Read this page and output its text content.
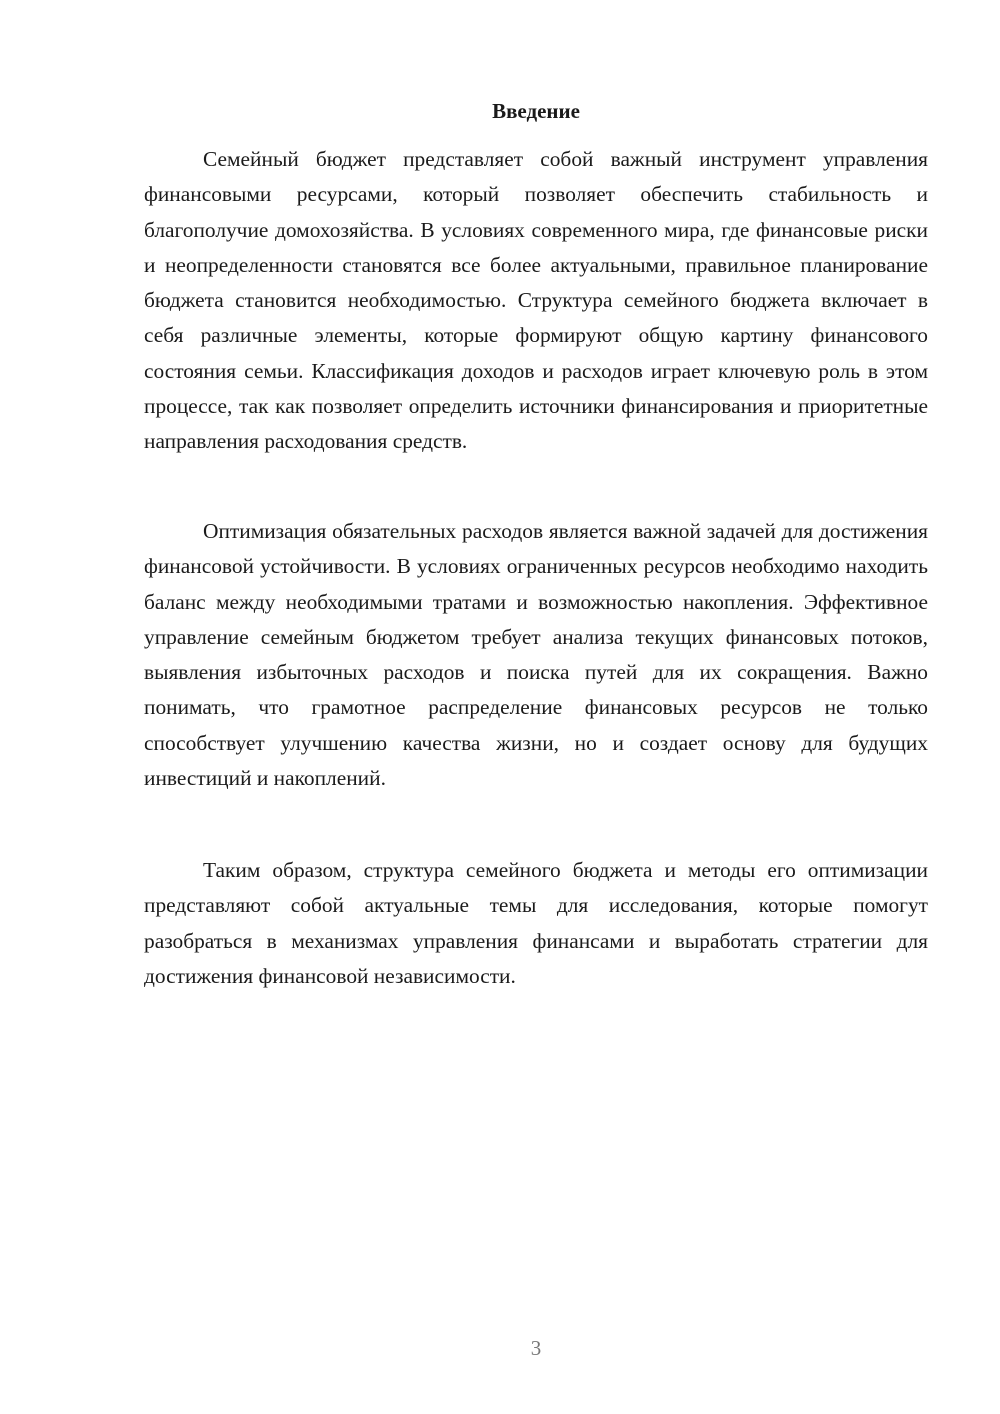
Введение

Семейный бюджет представляет собой важный инструмент управления финансовыми ресурсами, который позволяет обеспечить стабильность и благополучие домохозяйства. В условиях современного мира, где финансовые риски и неопределенности становятся все более актуальными, правильное планирование бюджета становится необходимостью. Структура семейного бюджета включает в себя различные элементы, которые формируют общую картину финансового состояния семьи. Классификация доходов и расходов играет ключевую роль в этом процессе, так как позволяет определить источники финансирования и приоритетные направления расходования средств.

Оптимизация обязательных расходов является важной задачей для достижения финансовой устойчивости. В условиях ограниченных ресурсов необходимо находить баланс между необходимыми тратами и возможностью накопления. Эффективное управление семейным бюджетом требует анализа текущих финансовых потоков, выявления избыточных расходов и поиска путей для их сокращения. Важно понимать, что грамотное распределение финансовых ресурсов не только способствует улучшению качества жизни, но и создает основу для будущих инвестиций и накоплений.

Таким образом, структура семейного бюджета и методы его оптимизации представляют собой актуальные темы для исследования, которые помогут разобраться в механизмах управления финансами и выработать стратегии для достижения финансовой независимости.

3
